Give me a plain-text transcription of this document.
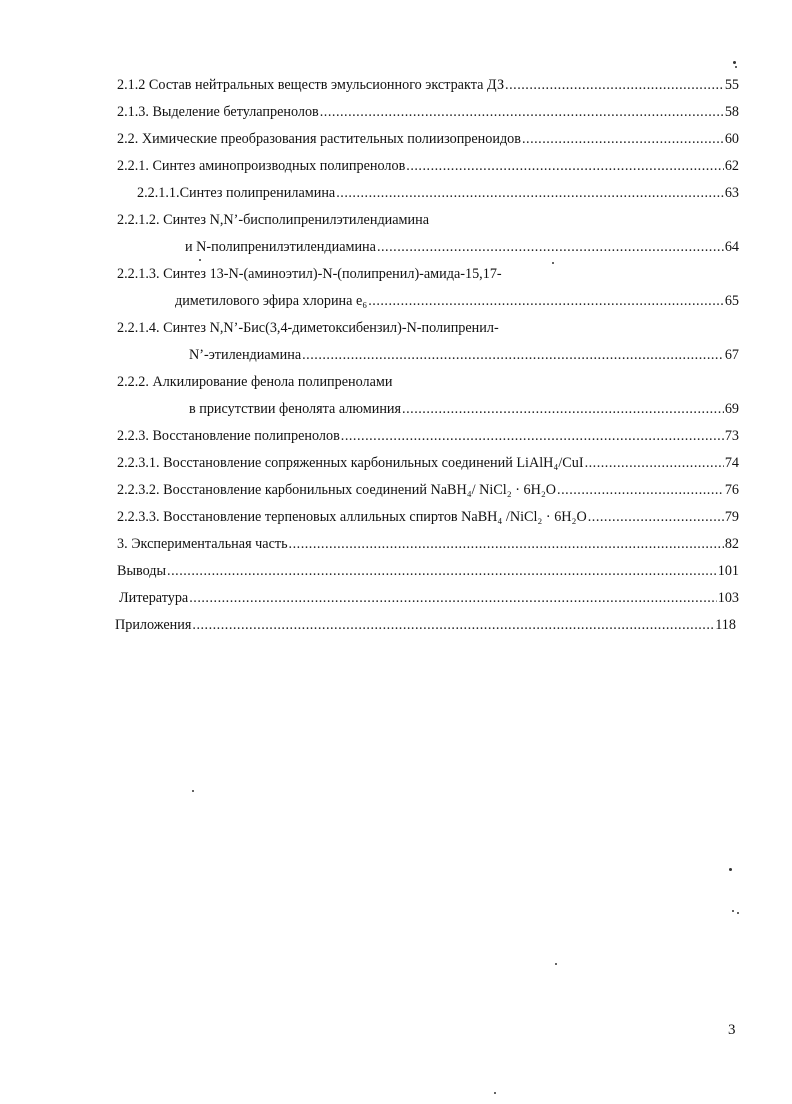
2.1.2 Состав нейтральных веществ эмульсионного экстракта ДЗ .....	55
2.1.3. Выделение бетулапренолов .....	58
2.2. Химические преобразования растительных полиизопреноидов .....	60
2.2.1. Синтез аминопроизводных полипренолов .....	62
2.2.1.1.Синтез полипрениламина .....	63
2.2.1.2. Синтез N,N’-бисполипренилэтилендиамина
и N-полипренилэтилендиамина .....	64
2.2.1.3. Синтез 13-N-(аминоэтил)-N-(полипренил)-амида-15,17-
диметилового эфира хлорина e₆ .....	65
2.2.1.4. Синтез N,N’-Бис(3,4-диметоксибензил)-N-полипренил-
N’-этилендиамина .....	67
2.2.2. Алкилирование фенола полипренолами
в присутствии фенолята алюминия .....	69
2.2.3. Восстановление полипренолов .....	73
2.2.3.1. Восстановление сопряженных карбонильных соединений LiAlH₄/CuI .....	74
2.2.3.2. Восстановление карбонильных соединений NaBH₄/ NiCl₂ · 6H₂O .....	76
2.2.3.3. Восстановление терпеновых аллильных спиртов NaBH₄ /NiCl₂ · 6H₂O .....	79
3. Экспериментальная часть .....	82
Выводы .....	101
Литература .....	103
Приложения .....	118
3
